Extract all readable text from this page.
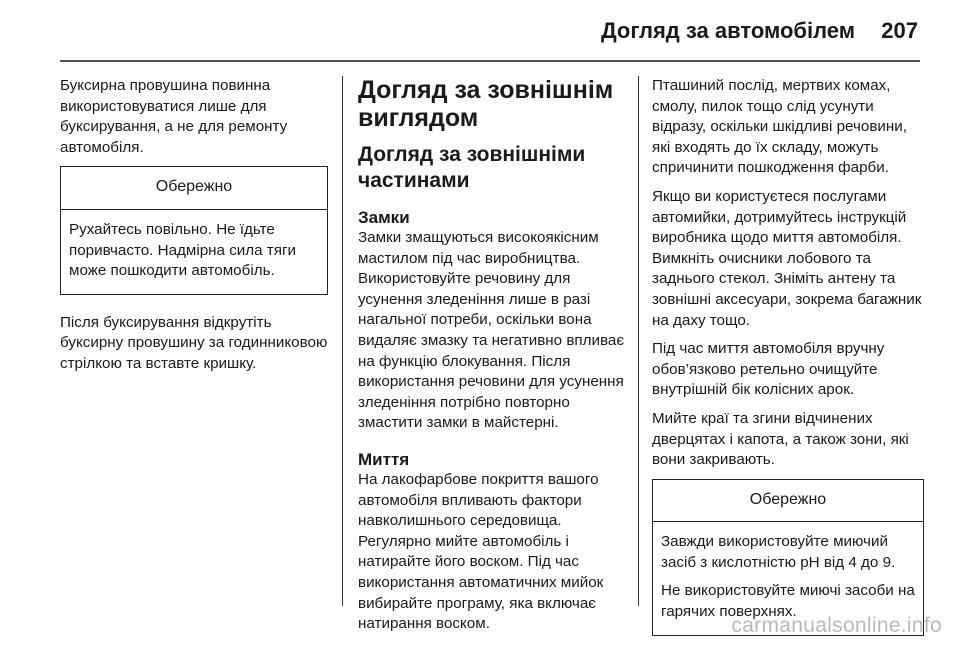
Догляд за автомобілем 207

Буксирна провушина повинна використовуватися лише для буксирування, а не для ремонту автомобіля.

Обережно

Рухайтесь повільно. Не їдьте поривчасто. Надмірна сила тяги може пошкодити автомобіль.

Після буксирування відкрутіть буксирну провушину за годинниковою стрілкою та вставте кришку.

Догляд за зовнішнім виглядом
Догляд за зовнішніми частинами
Замки

Замки змащуються високоякісним мастилом під час виробництва. Використовуйте речовину для усунення зледеніння лише в разі нагальної потреби, оскільки вона видаляє змазку та негативно впливає на функцію блокування. Після використання речовини для усунення зледеніння потрібно повторно змастити замки в майстерні.

Миття

На лакофарбове покриття вашого автомобіля впливають фактори навколишнього середовища. Регулярно мийте автомобіль і натирайте його воском. Під час використання автоматичних мийок вибирайте програму, яка включає натирання воском.

Пташиний послід, мертвих комах, смолу, пилок тощо слід усунути відразу, оскільки шкідливі речовини, які входять до їх складу, можуть спричинити пошкодження фарби.

Якщо ви користуєтеся послугами автомийки, дотримуйтесь інструкцій виробника щодо миття автомобіля. Вимкніть очисники лобового та заднього стекол. Зніміть антену та зовнішні аксесуари, зокрема багажник на даху тощо.

Під час миття автомобіля вручну обов’язково ретельно очищуйте внутрішній бік колісних арок.

Мийте краї та згини відчинених дверцятах і капота, а також зони, які вони закривають.

Обережно

Завжди використовуйте миючий засіб з кислотністю pH від 4 до 9.

Не використовуйте миючі засоби на гарячих поверхнях.

carmanualsonline.info
